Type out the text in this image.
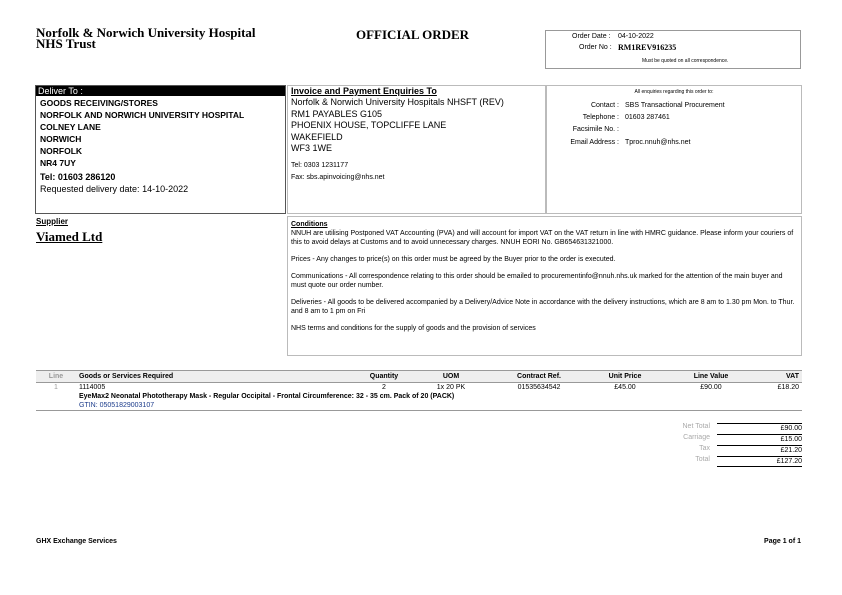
Norfolk & Norwich University Hospital
NHS Trust
OFFICIAL ORDER	Order Date : 04-10-2022
Order No : RM1REV916235
Must be quoted on all correspondence.
Deliver To :
GOODS RECEIVING/STORES
NORFOLK AND NORWICH UNIVERSITY HOSPITAL
COLNEY LANE
NORWICH
NORFOLK
NR4 7UY
Tel: 01603 286120
Requested delivery date: 14-10-2022
Invoice and Payment Enquiries To
Norfolk & Norwich University Hospitals NHSFT (REV)
RM1 PAYABLES G105
PHOENIX HOUSE, TOPCLIFFE LANE
WAKEFIELD
WF3 1WE
Tel: 0303 1231177
Fax: sbs.apinvoicing@nhs.net
All enquiries regarding this order to:
Contact : SBS Transactional Procurement
Telephone : 01603 287461
Facsimile No. :
Email Address : Tproc.nnuh@nhs.net
Supplier
Viamed Ltd
Conditions

NNUH are utilising Postponed VAT Accounting (PVA) and will account for import VAT on the VAT return in line with HMRC guidance. Please inform your couriers of this to avoid delays at Customs and to avoid unnecessary charges. NNUH EORI No. GB654631321000.

Prices - Any changes to price(s) on this order must be agreed by the Buyer prior to the order is executed.

Communications - All correspondence relating to this order should be emailed to procurementinfo@nnuh.nhs.uk marked for the attention of the main buyer and must quote our order number.

Deliveries - All goods to be delivered accompanied by a Delivery/Advice Note in accordance with the delivery instructions, which are 8 am to 1.30 pm Mon. to Thur. and 8 am to 1 pm on Fri

NHS terms and conditions for the supply of goods and the provision of services

Line	Goods or Services Required	Quantity	UOM	Contract Ref.	Unit Price	Line Value	VAT
1	1114005	2	1x 20 PK	01535634542	£45.00	£90.00	£18.20
	EyeMax2 Neonatal Phototherapy Mask - Regular Occipital - Frontal Circumference: 32 - 35 cm. Pack of 20 (PACK)						
	GTIN: 05051829003107						
Net Total	£90.00
Carriage	£15.00
Tax	£21.20
Total	£127.20
GHX Exchange Services	Page 1 of 1
